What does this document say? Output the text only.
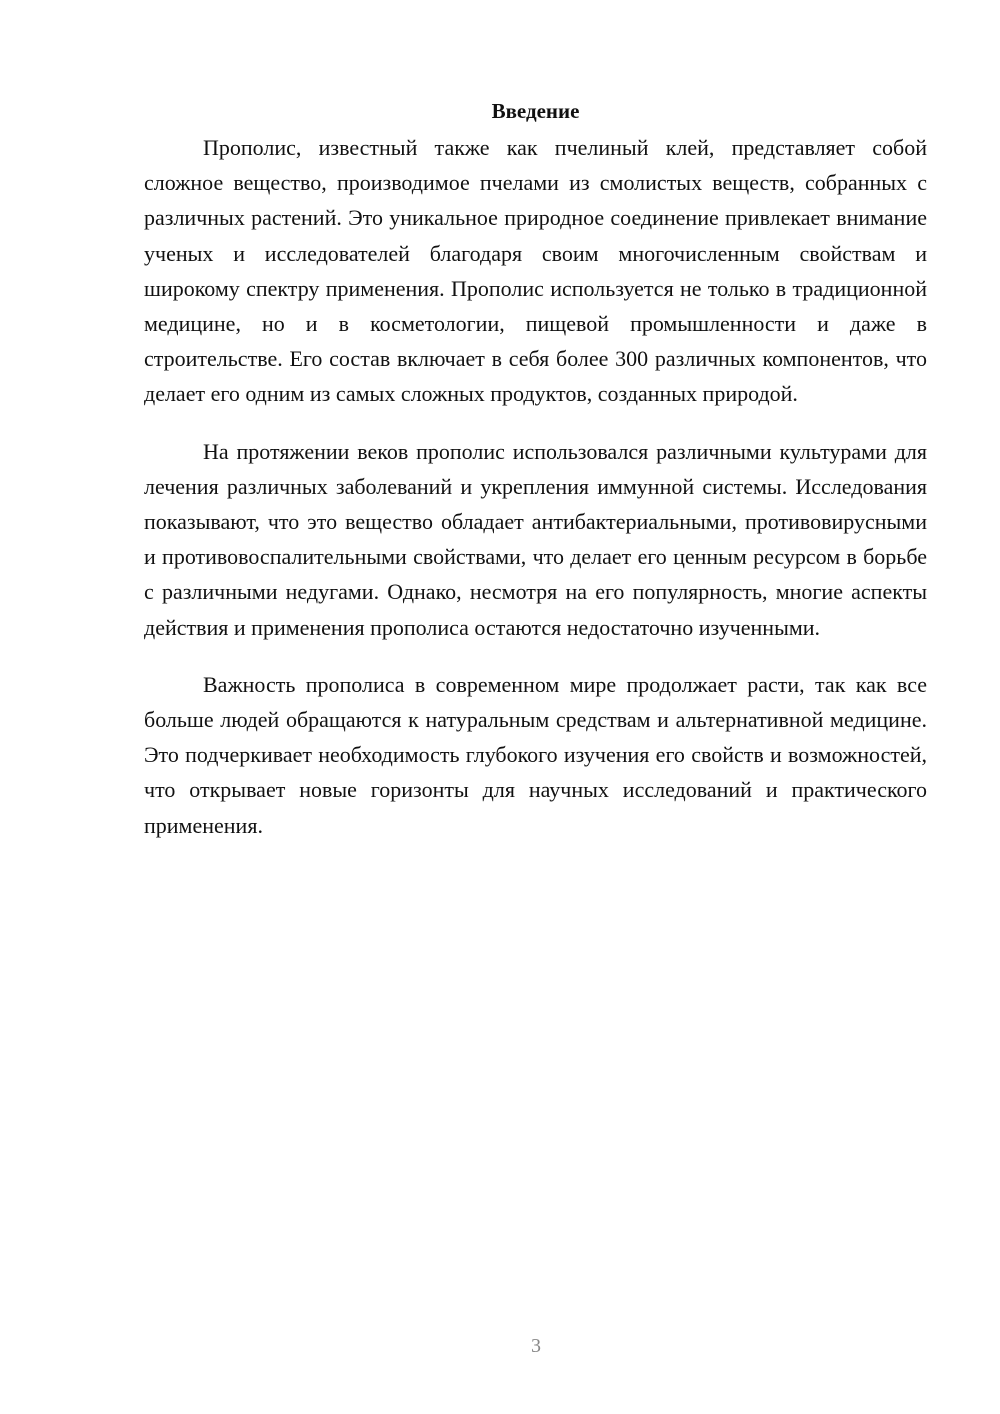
Введение

Прополис, известный также как пчелиный клей, представляет собой сложное вещество, производимое пчелами из смолистых веществ, собранных с различных растений. Это уникальное природное соединение привлекает внимание ученых и исследователей благодаря своим многочисленным свойствам и широкому спектру применения. Прополис используется не только в традиционной медицине, но и в косметологии, пищевой промышленности и даже в строительстве. Его состав включает в себя более 300 различных компонентов, что делает его одним из самых сложных продуктов, созданных природой.

На протяжении веков прополис использовался различными культурами для лечения различных заболеваний и укрепления иммунной системы. Исследования показывают, что это вещество обладает антибактериальными, противовирусными и противовоспалительными свойствами, что делает его ценным ресурсом в борьбе с различными недугами. Однако, несмотря на его популярность, многие аспекты действия и применения прополиса остаются недостаточно изученными.

Важность прополиса в современном мире продолжает расти, так как все больше людей обращаются к натуральным средствам и альтернативной медицине. Это подчеркивает необходимость глубокого изучения его свойств и возможностей, что открывает новые горизонты для научных исследований и практического применения.

3
